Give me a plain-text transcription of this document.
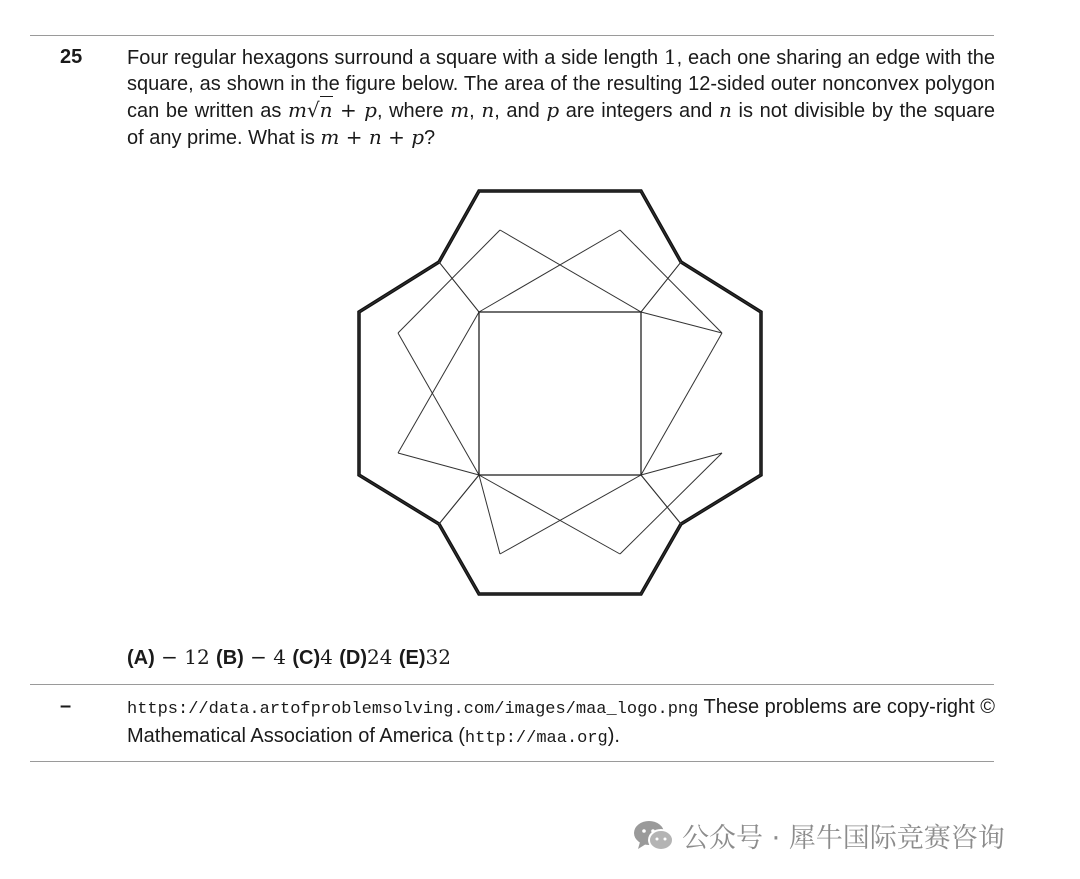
25 Four regular hexagons surround a square with a side length 1, each one sharing an edge with the square, as shown in the figure below. The area of the resulting 12-sided outer nonconvex polygon can be written as m√n + p, where m, n, and p are integers and n is not divisible by the square of any prime. What is m + n + p?
(A) − 12 (B) − 4 (C)4 (D)24 (E)32
–	https://data.artofproblemsolving.com/images/maa_logo.png These problems are copy-right © Mathematical Association of America (http://maa.org).
公众号 · 犀牛国际竞赛咨询
